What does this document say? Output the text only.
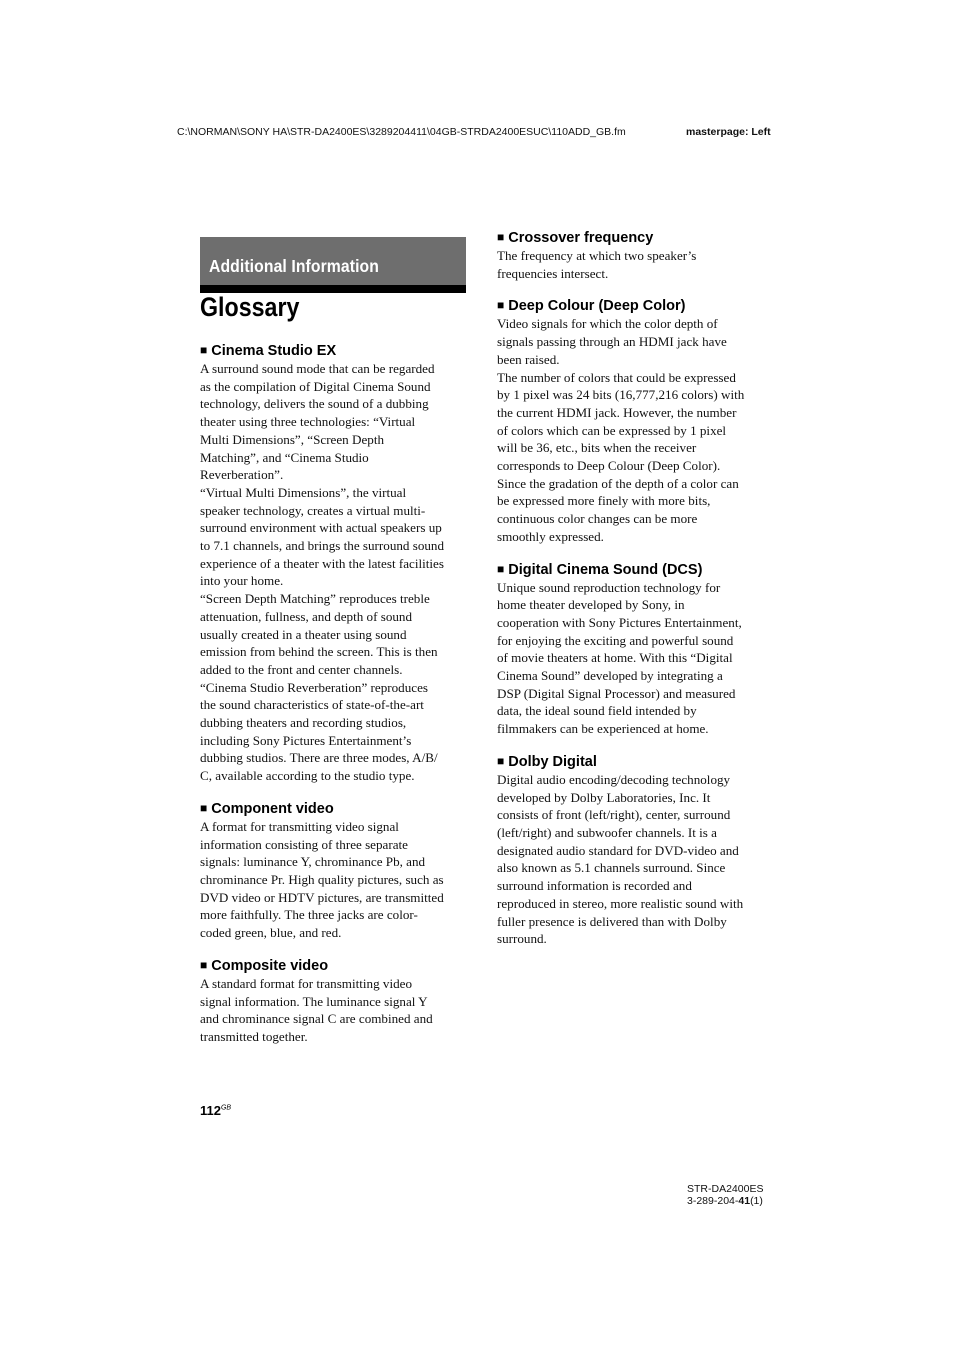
C:\NORMAN\SONY HA\STR-DA2400ES\3289204411\04GB-STRDA2400ESUC\110ADD_GB.fm	masterpage: Left
Additional Information
Glossary

■ Cinema Studio EX

A surround sound mode that can be regarded
as the compilation of Digital Cinema Sound
technology, delivers the sound of a dubbing
theater using three technologies: “Virtual
Multi Dimensions”, “Screen Depth
Matching”, and “Cinema Studio
Reverberation”.
“Virtual Multi Dimensions”, the virtual
speaker technology, creates a virtual multi-
surround environment with actual speakers up
to 7.1 channels, and brings the surround sound
experience of a theater with the latest facilities
into your home.
“Screen Depth Matching” reproduces treble
attenuation, fullness, and depth of sound
usually created in a theater using sound
emission from behind the screen. This is then
added to the front and center channels.
“Cinema Studio Reverberation” reproduces
the sound characteristics of state-of-the-art
dubbing theaters and recording studios,
including Sony Pictures Entertainment’s
dubbing studios. There are three modes, A/B/
C, available according to the studio type.

■ Component video

A format for transmitting video signal
information consisting of three separate
signals: luminance Y, chrominance Pb, and
chrominance Pr. High quality pictures, such as
DVD video or HDTV pictures, are transmitted
more faithfully. The three jacks are color-
coded green, blue, and red.

■ Composite video

A standard format for transmitting video
signal information. The luminance signal Y
and chrominance signal C are combined and
transmitted together.

■ Crossover frequency

The frequency at which two speaker’s
frequencies intersect.

■ Deep Colour (Deep Color)

Video signals for which the color depth of
signals passing through an HDMI jack have
been raised.
The number of colors that could be expressed
by 1 pixel was 24 bits (16,777,216 colors) with
the current HDMI jack. However, the number
of colors which can be expressed by 1 pixel
will be 36, etc., bits when the receiver
corresponds to Deep Colour (Deep Color).
Since the gradation of the depth of a color can
be expressed more finely with more bits,
continuous color changes can be more
smoothly expressed.

■ Digital Cinema Sound (DCS)

Unique sound reproduction technology for
home theater developed by Sony, in
cooperation with Sony Pictures Entertainment,
for enjoying the exciting and powerful sound
of movie theaters at home. With this “Digital
Cinema Sound” developed by integrating a
DSP (Digital Signal Processor) and measured
data, the ideal sound field intended by
filmmakers can be experienced at home.

■ Dolby Digital

Digital audio encoding/decoding technology
developed by Dolby Laboratories, Inc. It
consists of front (left/right), center, surround
(left/right) and subwoofer channels. It is a
designated audio standard for DVD-video and
also known as 5.1 channels surround. Since
surround information is recorded and
reproduced in stereo, more realistic sound with
fuller presence is delivered than with Dolby
surround.

$112^{GB}$
STR-DA2400ES
3-289-204-41(1)
